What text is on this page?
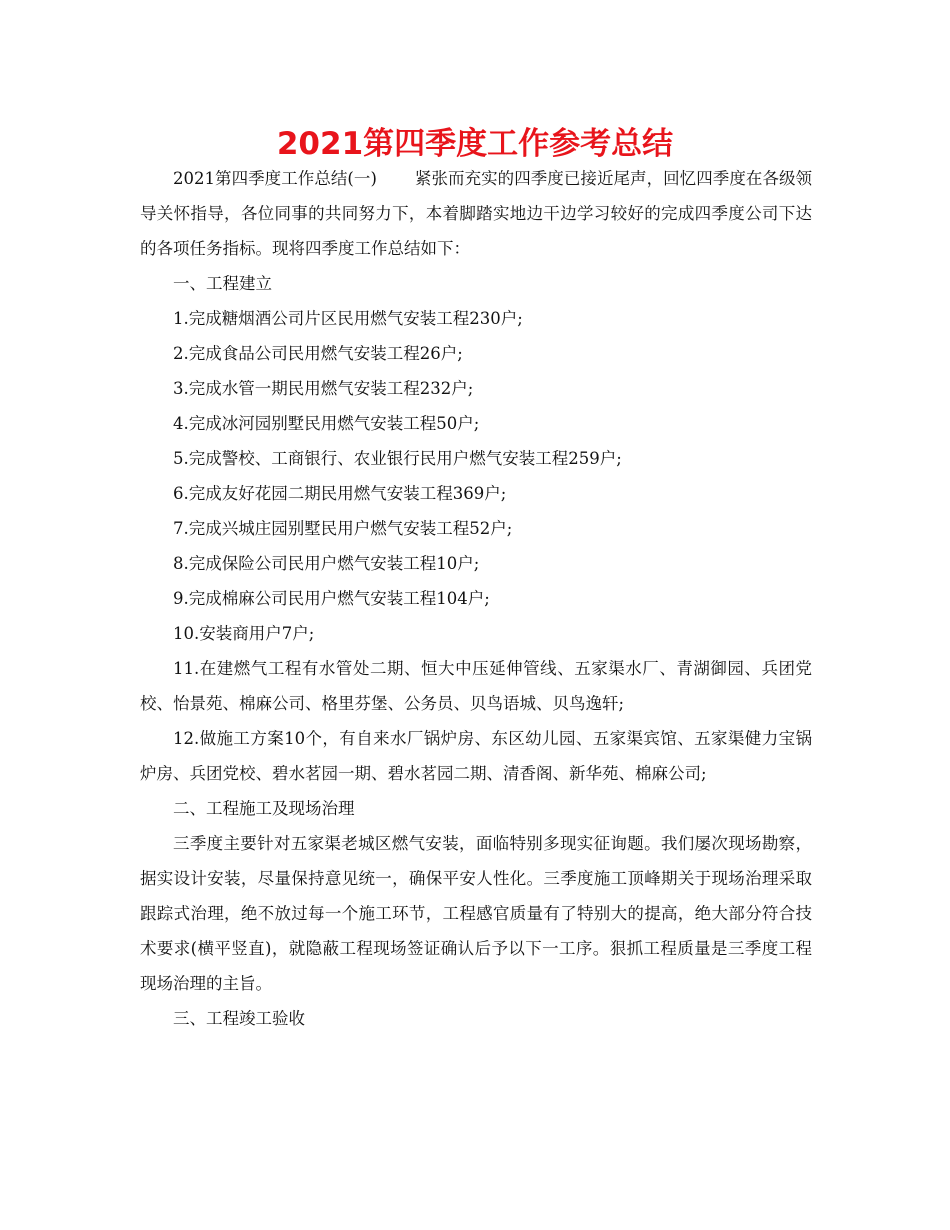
2021第四季度工作参考总结

2021第四季度工作总结(一) 紧张而充实的四季度已接近尾声，回忆四季度在各级领导关怀指导，各位同事的共同努力下，本着脚踏实地边干边学习较好的完成四季度公司下达的各项任务指标。现将四季度工作总结如下：

一、工程建立

1.完成糖烟酒公司片区民用燃气安装工程230户;

2.完成食品公司民用燃气安装工程26户;

3.完成水管一期民用燃气安装工程232户;

4.完成冰河园别墅民用燃气安装工程50户;

5.完成警校、工商银行、农业银行民用户燃气安装工程259户;

6.完成友好花园二期民用燃气安装工程369户;

7.完成兴城庄园别墅民用户燃气安装工程52户;

8.完成保险公司民用户燃气安装工程10户;

9.完成棉麻公司民用户燃气安装工程104户;

10.安装商用户7户;

11.在建燃气工程有水管处二期、恒大中压延伸管线、五家渠水厂、青湖御园、兵团党校、怡景苑、棉麻公司、格里芬堡、公务员、贝鸟语城、贝鸟逸轩;

12.做施工方案10个，有自来水厂锅炉房、东区幼儿园、五家渠宾馆、五家渠健力宝锅炉房、兵团党校、碧水茗园一期、碧水茗园二期、清香阁、新华苑、棉麻公司;

二、工程施工及现场治理

三季度主要针对五家渠老城区燃气安装，面临特别多现实征询题。我们屡次现场勘察，据实设计安装，尽量保持意见统一，确保平安人性化。三季度施工顶峰期关于现场治理采取跟踪式治理，绝不放过每一个施工环节，工程感官质量有了特别大的提高，绝大部分符合技术要求(横平竖直)，就隐蔽工程现场签证确认后予以下一工序。狠抓工程质量是三季度工程现场治理的主旨。

三、工程竣工验收
